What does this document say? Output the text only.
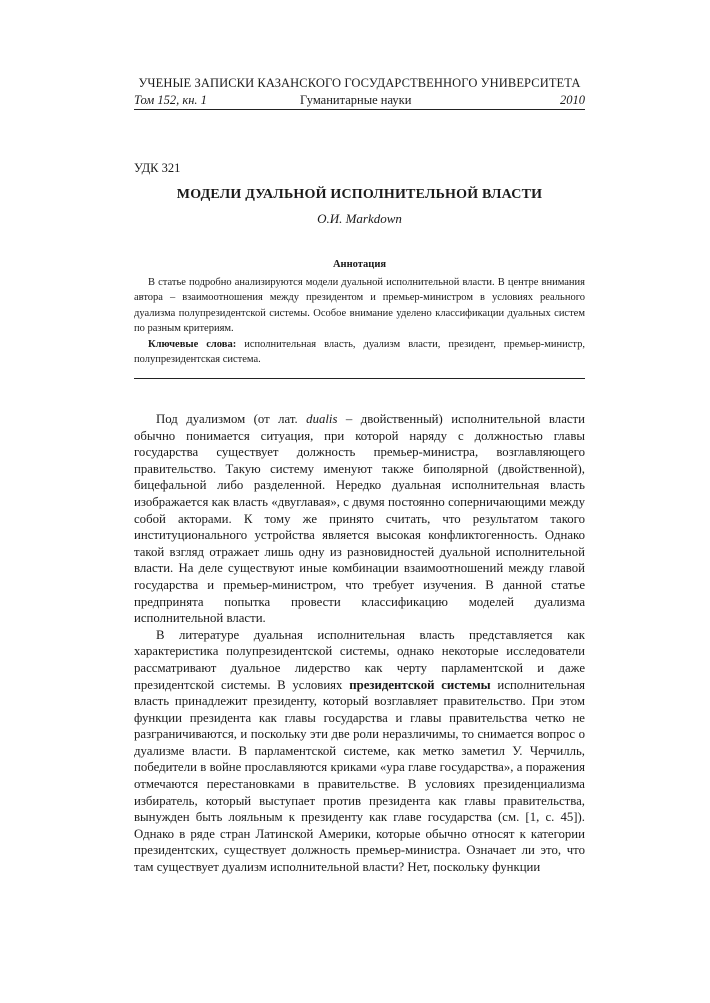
УЧЕНЫЕ ЗАПИСКИ КАЗАНСКОГО ГОСУДАРСТВЕННОГО УНИВЕРСИТЕТА
Том 152, кн. 1	Гуманитарные науки	2010
УДК 321
МОДЕЛИ ДУАЛЬНОЙ ИСПОЛНИТЕЛЬНОЙ ВЛАСТИ
О.И. Markdown
Аннотация

В статье подробно анализируются модели дуальной исполнительной власти. В центре внимания автора – взаимоотношения между президентом и премьер-министром в условиях реального дуализма полупрезидентской системы. Особое внимание уделено классификации дуальных систем по разным критериям.

Ключевые слова: исполнительная власть, дуализм власти, президент, премьер-министр, полупрезидентская система.

Под дуализмом (от лат. dualis – двойственный) исполнительной власти обычно понимается ситуация, при которой наряду с должностью главы государства существует должность премьер-министра, возглавляющего правительство. Такую систему именуют также биполярной (двойственной), бицефальной либо разделенной. Нередко дуальная исполнительная власть изображается как власть «двуглавая», с двумя постоянно соперничающими между собой акторами. К тому же принято считать, что результатом такого институционального устройства является высокая конфликтогенность. Однако такой взгляд отражает лишь одну из разновидностей дуальной исполнительной власти. На деле существуют иные комбинации взаимоотношений между главой государства и премьер-министром, что требует изучения. В данной статье предпринята попытка провести классификацию моделей дуализма исполнительной власти.

В литературе дуальная исполнительная власть представляется как характеристика полупрезидентской системы, однако некоторые исследователи рассматривают дуальное лидерство как черту парламентской и даже президентской системы. В условиях президентской системы исполнительная власть принадлежит президенту, который возглавляет правительство. При этом функции президента как главы государства и главы правительства четко не разграничиваются, и поскольку эти две роли неразличимы, то снимается вопрос о дуализме власти. В парламентской системе, как метко заметил У. Черчилль, победители в войне прославляются криками «ура главе государства», а поражения отмечаются перестановками в правительстве. В условиях президенциализма избиратель, который выступает против президента как главы правительства, вынужден быть лояльным к президенту как главе государства (см. [1, с. 45]). Однако в ряде стран Латинской Америки, которые обычно относят к категории президентских, существует должность премьер-министра. Означает ли это, что там существует дуализм исполнительной власти? Нет, поскольку функции
